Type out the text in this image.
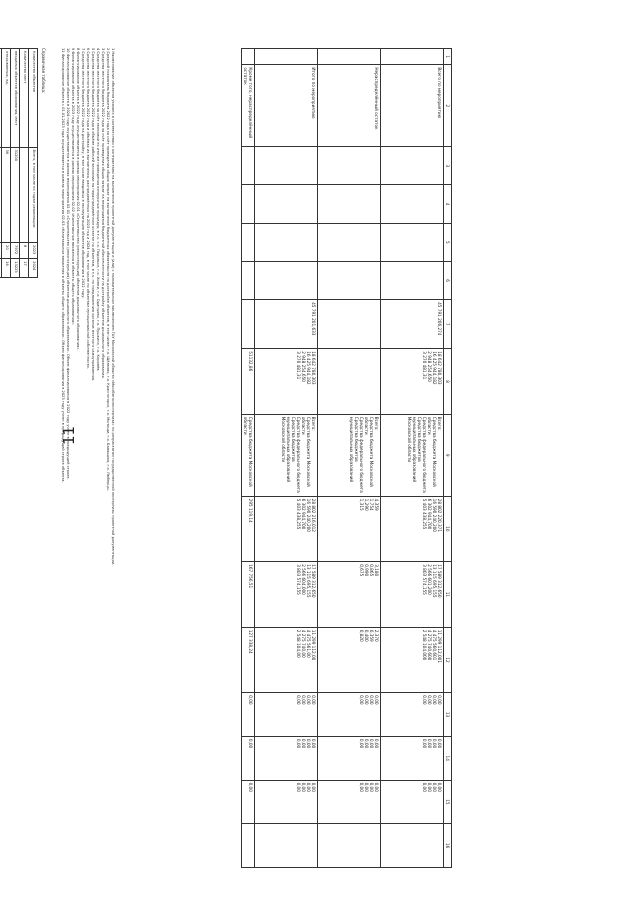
11
1	2	3	4	5	6	7	8	9	10	11	12	13	14	15	16
	Всего по мероприятию					45 791 206,274	18 642 780,303
16 425 944,182
2 948 254,650
3 270 481,31	Всего:
Средства бюджета Московской области
Средства федерального бюджета
Средства бюджетов муниципальных образований Московской области	28 802 220,371
16 590 240,200
6 302 944,700
5 403 438,255	17 589 312,650
13 115 695,155
2 566 601,200
3 803 574,155	11 299 112,001
4 475 560,601
4 275 740,600
2 548 104,000	0,00
0,00
0,00
0,00	0,00
0,00
0,00
0,00	0,00
0,00
0,00
0,00	
	Нераспределённый остаток							Всего:
Средства бюджета Московской области
Средства федерального бюджета
Средства бюджетов муниципальных образований	4,359
1,754
1,290
1,315	3,180
0,865
0,990
0,675	2,370
0,359
0,400
0,820	0,00
0,00
0,00
0,00	0,00
0,00
0,00
0,00	0,00
0,00
0,00
0,00	
	Итого по мероприятию					45 791 201,633	18 642 780,303
16 425 944,182
2 948 254,650
3 270 481,31	Всего:
Средства бюджета Московской области
Средства федерального бюджета
Средства бюджетов муниципальных образований Московской области	28 802 216,012
16 590 240,200
6 302 944,700
5 403 438,255	17 589 312,650
13 115 695,155
2 566 604,000
3 803 574,155	11 299 112,00
4 475 561,00
4 275 740,00
2 548 104,00	0,00
0,00
0,00
0,00	0,00
0,00
0,00
0,00	0,00
0,00
0,00
0,00	
	Кроме того, нераспределённый остаток						51132,86	Средства бюджета Московской области	295 119,14	167 756,51	127 338,24	0,00	0,00	0,00	

1 Наименование объектов указано в соответствии с контрактами на выполнение проектной документации и (или) с положительным заключением ГАУ Московской области «Мособлгосэкспертиза» по результатам государственной экспертизы проектной документации.

2 Средний показатель бюджета 2022 года за счёт проведения общих затрат на выполнение бюджетных обязательств по достройке объектов, в том числе: г.о. Щёлково, г.о. Красногорск, г.о. Мытищи, г.о. Балашиха, г.о. Люберцы.

3 Средства местного бюджета 2022 года за счёт проведения общих затрат на мероприятия бюджетной обеспеченности на достройку объектов дошкольного образования.

4 Средства местного бюджета за счёт экономии по итогам проведения конкурсных процедур, в т.ч. г.о. Подольск, г.о. Химки, г.о. Одинцово, г.о. Пушкино, г.о. Королёв.

5 Средства местного бюджета 2022 года в объёме рабочей экономии на нераспределённом остатке по объектам, в т.ч. по предложению органов местного самоуправления.

6 Средства местного бюджета 2022 года и объёмах их выполнения, распределённых на 2023 год и 2024 год, в том числе по объектам муниципальной собственности.

7 Средства местного бюджета 2022 года на достройку, в том числе вводимых в эксплуатацию объектов образования в 2022 году.

8 Финансирование объекта в 2022 году осуществляется в рамках мероприятия 02.01 «Строительство (реконструкция) объектов дошкольного образования».

9 Финансирование объекта в 2023 году осуществляется в рамках мероприятия 02.02 «Капитальные вложения в объекты общего образования».

10 Финансирование объекта в 2024 году осуществляется в рамках мероприятия 02.01 «Строительство (реконструкция) объектов дошкольного образования». Объем финансирования в 2022 году учтен в предыдущей строке.

11 Финансирование объекта с 01.01.2023 года осуществляется в рамках мероприятия 02.03 «Капитальные вложения в объекты общего образования». Объем финансирования в 2023 году учтен в предыдущей строке объекта.

Справочная таблица:
Количество объектов	Всего, в том числе по годам реализации:	2023	2024
Количество мест		8	17
вводимых объектов образования, мест	31200	7972	13225
открываемых, ед.	36	20	16
